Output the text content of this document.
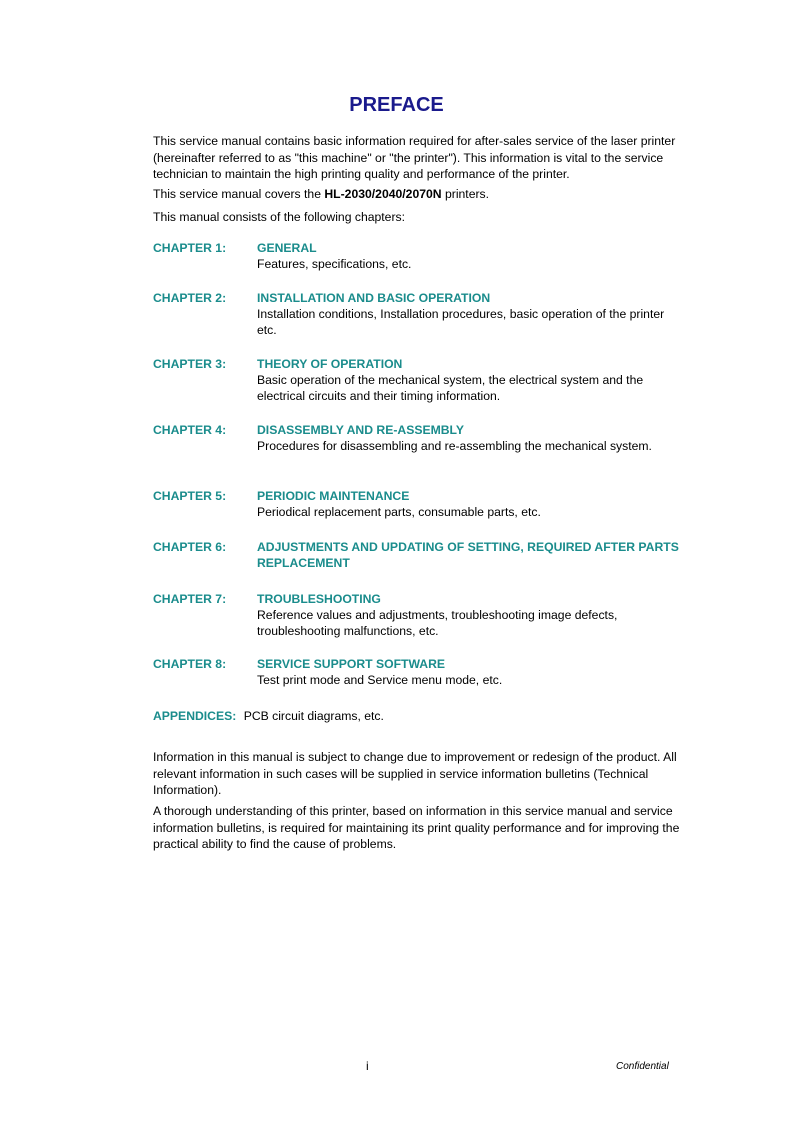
PREFACE

This service manual contains basic information required for after-sales service of the laser printer (hereinafter referred to as "this machine" or "the printer"). This information is vital to the service technician to maintain the high printing quality and performance of the printer.

This service manual covers the HL-2030/2040/2070N printers.

This manual consists of the following chapters:

CHAPTER 1:	GENERAL
Features, specifications, etc.
CHAPTER 2:	INSTALLATION AND BASIC OPERATION
Installation conditions, Installation procedures, basic operation of the printer etc.
CHAPTER 3:	THEORY OF OPERATION
Basic operation of the mechanical system, the electrical system and the electrical circuits and their timing information.
CHAPTER 4:	DISASSEMBLY AND RE-ASSEMBLY
Procedures for disassembling and re-assembling the mechanical system.
CHAPTER 5:	PERIODIC MAINTENANCE
Periodical replacement parts, consumable parts, etc.
CHAPTER 6:	ADJUSTMENTS AND UPDATING OF SETTING, REQUIRED AFTER PARTS REPLACEMENT
CHAPTER 7:	TROUBLESHOOTING
Reference values and adjustments, troubleshooting image defects, troubleshooting malfunctions, etc.
CHAPTER 8:	SERVICE SUPPORT SOFTWARE
Test print mode and Service menu mode, etc.
APPENDICES: PCB circuit diagrams, etc.

Information in this manual is subject to change due to improvement or redesign of the product. All relevant information in such cases will be supplied in service information bulletins (Technical Information).

A thorough understanding of this printer, based on information in this service manual and service information bulletins, is required for maintaining its print quality performance and for improving the practical ability to find the cause of problems.

i	Confidential
